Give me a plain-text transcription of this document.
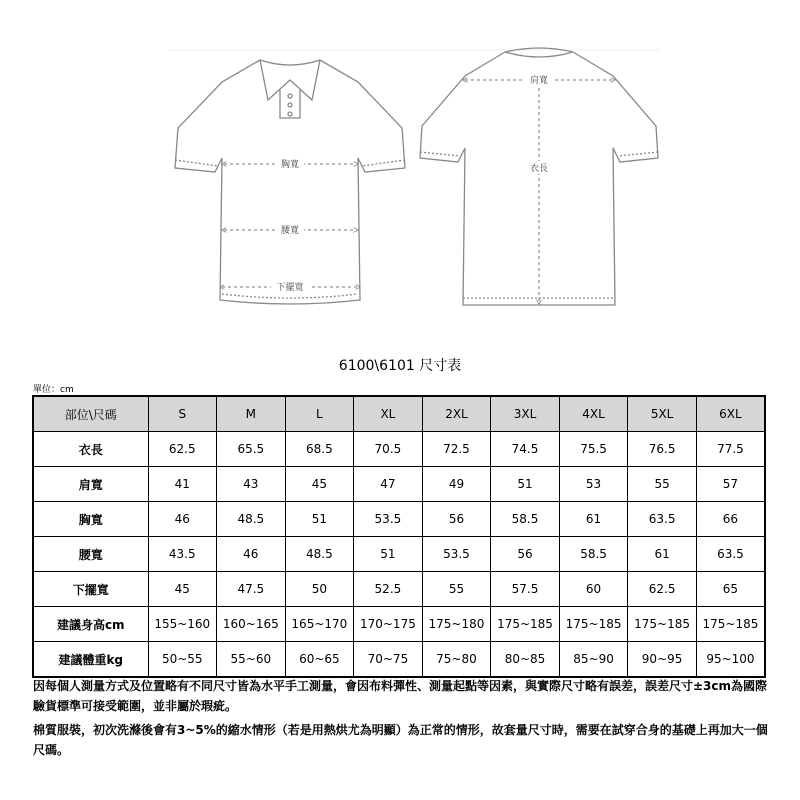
胸寬
腰寬
下擺寬
肩寬
衣長
6100\6101 尺寸表
單位：cm
部位\尺碼	S	M	L	XL	2XL	3XL	4XL	5XL	6XL
衣長	62.5	65.5	68.5	70.5	72.5	74.5	75.5	76.5	77.5
肩寬	41	43	45	47	49	51	53	55	57
胸寬	46	48.5	51	53.5	56	58.5	61	63.5	66
腰寬	43.5	46	48.5	51	53.5	56	58.5	61	63.5
下擺寬	45	47.5	50	52.5	55	57.5	60	62.5	65
建議身高cm	155~160	160~165	165~170	170~175	175~180	175~185	175~185	175~185	175~185
建議體重kg	50~55	55~60	60~65	70~75	75~80	80~85	85~90	90~95	95~100

因每個人測量方式及位置略有不同尺寸皆為水平手工測量，會因布料彈性、測量起點等因素，與實際尺寸略有誤差，誤差尺寸±3cm為國際驗貨標準可接受範圍，並非屬於瑕疵。

棉質服裝，初次洗滌後會有3~5%的縮水情形（若是用熱烘尤為明顯）為正常的情形，故套量尺寸時，需要在試穿合身的基礎上再加大一個尺碼。
